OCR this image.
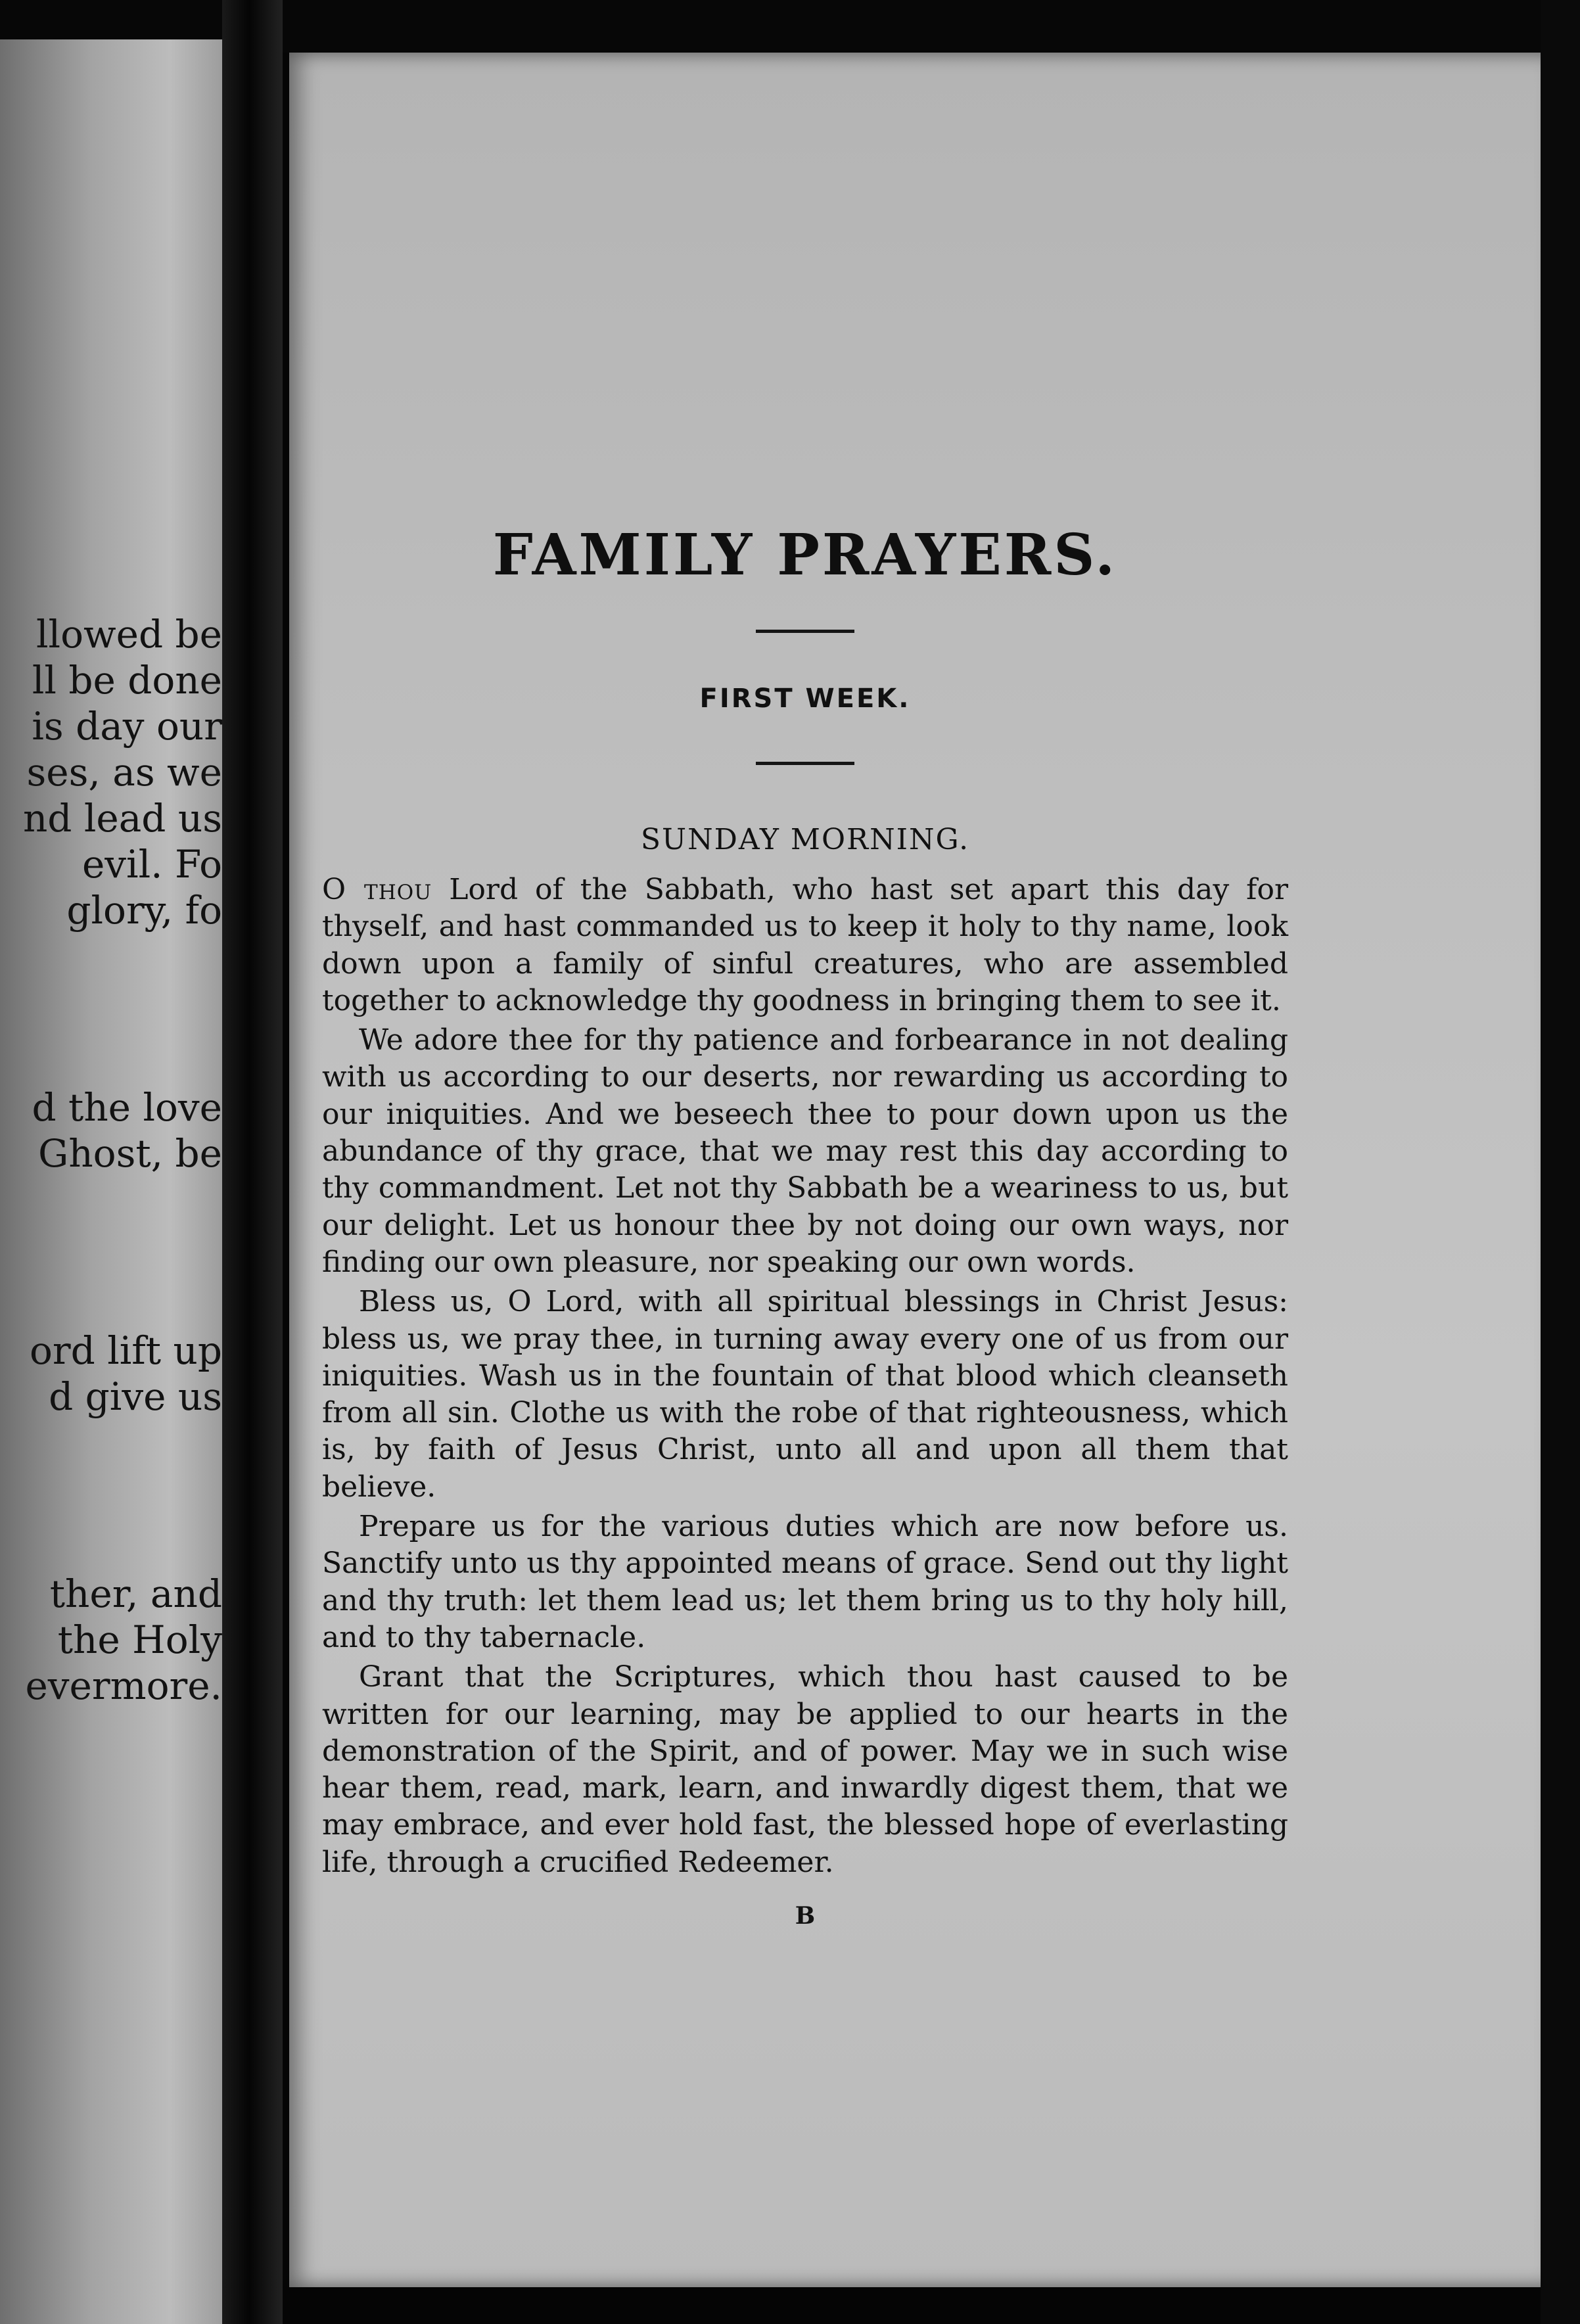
llowed be
ll be done
is day our
ses, as we
nd lead us
evil. Fo
glory, fo
d the love
Ghost, be
ord lift up
d give us
ther, and
the Holy
evermore.
FAMILY PRAYERS.
FIRST WEEK.
SUNDAY MORNING.

O thou Lord of the Sabbath, who hast set apart this day for thyself, and hast commanded us to keep it holy to thy name, look down upon a family of sinful creatures, who are assembled together to acknowledge thy goodness in bringing them to see it.

We adore thee for thy patience and forbearance in not dealing with us according to our deserts, nor rewarding us according to our iniquities. And we beseech thee to pour down upon us the abundance of thy grace, that we may rest this day according to thy commandment. Let not thy Sabbath be a weariness to us, but our delight. Let us honour thee by not doing our own ways, nor finding our own pleasure, nor speaking our own words.

Bless us, O Lord, with all spiritual blessings in Christ Jesus: bless us, we pray thee, in turning away every one of us from our iniquities. Wash us in the fountain of that blood which cleanseth from all sin. Clothe us with the robe of that righteousness, which is, by faith of Jesus Christ, unto all and upon all them that believe.

Prepare us for the various duties which are now before us. Sanctify unto us thy appointed means of grace. Send out thy light and thy truth: let them lead us; let them bring us to thy holy hill, and to thy tabernacle.

Grant that the Scriptures, which thou hast caused to be written for our learning, may be applied to our hearts in the demonstration of the Spirit, and of power. May we in such wise hear them, read, mark, learn, and inwardly digest them, that we may embrace, and ever hold fast, the blessed hope of everlasting life, through a crucified Redeemer.

B
